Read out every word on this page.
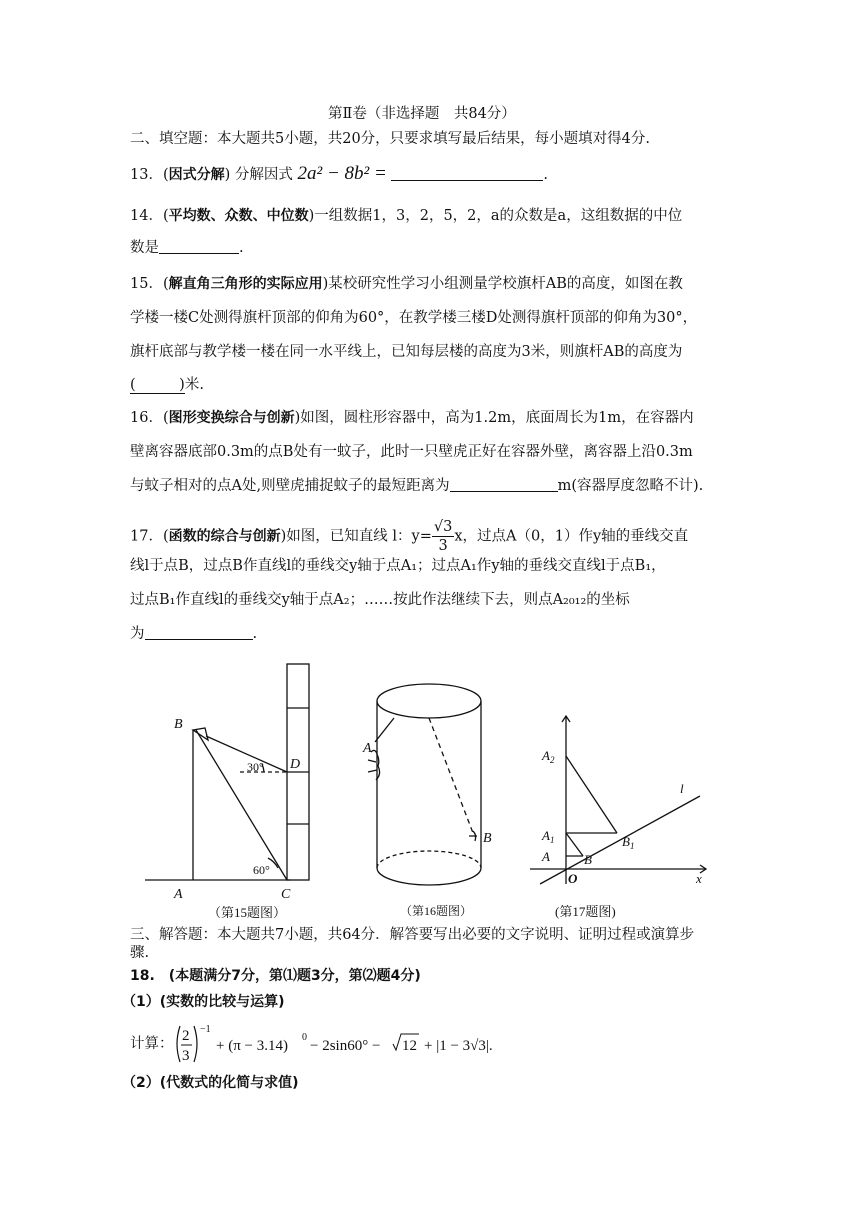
第Ⅱ卷（非选择题　共84分）
二、填空题：本大题共5小题，共20分，只要求填写最后结果，每小题填对得4分.
13．(因式分解) 分解因式 2a² − 8b² =	.
14．(平均数、众数、中位数)一组数据1，3，2，5，2，a的众数是a，这组数据的中位
数是	.
15．(解直角三角形的实际应用)某校研究性学习小组测量学校旗杆AB的高度，如图在教
学楼一楼C处测得旗杆顶部的仰角为60°，在教学楼三楼D处测得旗杆顶部的仰角为30°，
旗杆底部与教学楼一楼在同一水平线上，已知每层楼的高度为3米，则旗杆AB的高度为
(　　　)米.
16．(图形变换综合与创新)如图，圆柱形容器中，高为1.2m，底面周长为1m，在容器内
壁离容器底部0.3m的点B处有一蚊子，此时一只壁虎正好在容器外壁，离容器上沿0.3m
与蚊子相对的点A处,则壁虎捕捉蚊子的最短距离为	m(容器厚度忽略不计).
17．(函数的综合与创新)如图，已知直线 l：$y= \frac{√3}{3}$ x，过点A（0，1）作y轴的垂线交直
线l于点B，过点B作直线l的垂线交y轴于点A₁；过点A₁作y轴的垂线交直线l于点B₁，
过点B₁作直线l的垂线交y轴于点A₂；……按此作法继续下去，则点A₂₀₁₂的坐标
为	.
B
D
A	C
30°
60°
（第15题图）
A
B
（第16题图）
$A_2$
$A_1$
A	B
$B_1$
O	x
l
(第17题图)
三、解答题：本大题共7小题，共64分．解答要写出必要的文字说明、证明过程或演算步
骤.
18.　(本题满分7分，第⑴题3分，第⑵题4分)
（1）(实数的比较与运算)
计算： 2
3
−1
+ (π − 3.14)
0
− 2sin60° − 12 + |1 − 3√3|.
（2）(代数式的化简与求值)
